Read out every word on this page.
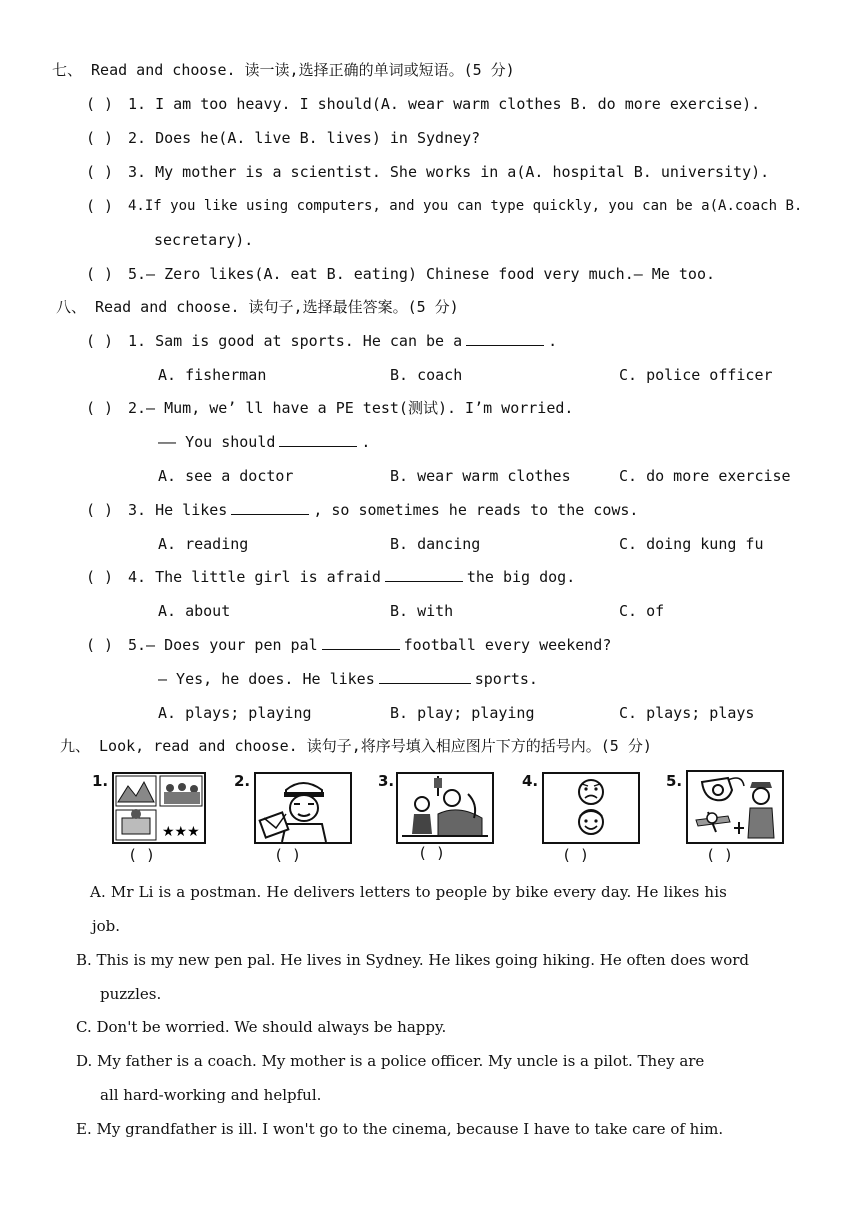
七、 Read and choose. 读一读,选择正确的单词或短语。(5 分)
( ) 1. I am too heavy. I should(A. wear warm clothes B. do more exercise).
( ) 2. Does he(A. live B. lives) in Sydney?
( ) 3. My mother is a scientist. She works in a(A. hospital B. university).
( ) 4.If you like using computers, and you can type quickly, you can be a(A.coach B.
secretary).
( ) 5.— Zero likes(A. eat B. eating) Chinese food very much.— Me too.
八、 Read and choose. 读句子,选择最佳答案。(5 分)
( ) 1. Sam is good at sports. He can be a	.
A. fisherman	B. coach	C. police officer
( ) 2.— Mum, we’ ll have a PE test(测试). I’m worried.
—— You should	.
A. see a doctor	B. wear warm clothes	C. do more exercise
( ) 3. He likes	, so sometimes he reads to the cows.
A. reading	B. dancing	C. doing kung fu
( ) 4. The little girl is afraid	the big dog.
A. about	B. with	C. of
( ) 5.— Does your pen pal	football every weekend?
— Yes, he does. He likes	sports.
A. plays; playing	B. play; playing	C. plays; plays
九、 Look, read and choose. 读句子,将序号填入相应图片下方的括号内。(5 分)
1.
★★★
( )
2.
( )
3.
( )
4.
( )
5.
( )
A. Mr Li is a postman. He delivers letters to people by bike every day. He likes his
job.
B. This is my new pen pal. He lives in Sydney. He likes going hiking. He often does word
puzzles.
C. Don't be worried. We should always be happy.
D. My father is a coach. My mother is a police officer. My uncle is a pilot. They are
all hard-working and helpful.
E. My grandfather is ill. I won't go to the cinema, because I have to take care of him.
